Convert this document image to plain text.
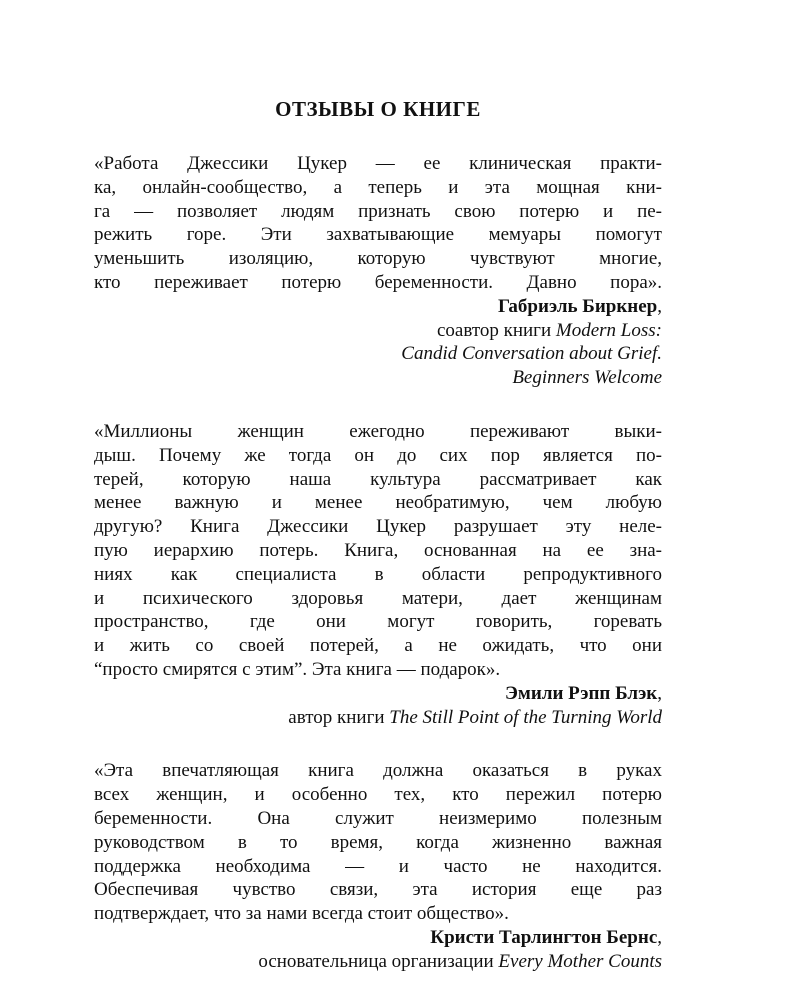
ОТЗЫВЫ О КНИГЕ
«Работа Джессики Цукер — ее клиническая практи-
ка, онлайн-сообщество, а теперь и эта мощная кни-
га — позволяет людям признать свою потерю и пе-
режить горе. Эти захватывающие мемуары помогут
уменьшить изоляцию, которую чувствуют многие,
кто переживает потерю беременности. Давно пора».
Габриэль Биркнер,
соавтор книги Modern Loss:
Candid Conversation about Grief.
Beginners Welcome
«Миллионы женщин ежегодно переживают выки-
дыш. Почему же тогда он до сих пор является по-
терей, которую наша культура рассматривает как
менее важную и менее необратимую, чем любую
другую? Книга Джессики Цукер разрушает эту неле-
пую иерархию потерь. Книга, основанная на ее зна-
ниях как специалиста в области репродуктивного
и психического здоровья матери, дает женщинам
пространство, где они могут говорить, горевать
и жить со своей потерей, а не ожидать, что они
“просто смирятся с этим”. Эта книга — подарок».
Эмили Рэпп Блэк,
автор книги The Still Point of the Turning World
«Эта впечатляющая книга должна оказаться в руках
всех женщин, и особенно тех, кто пережил потерю
беременности. Она служит неизмеримо полезным
руководством в то время, когда жизненно важная
поддержка необходима — и часто не находится.
Обеспечивая чувство связи, эта история еще раз
подтверждает, что за нами всегда стоит общество».
Кристи Тарлингтон Бернс,
основательница организации Every Mother Counts
